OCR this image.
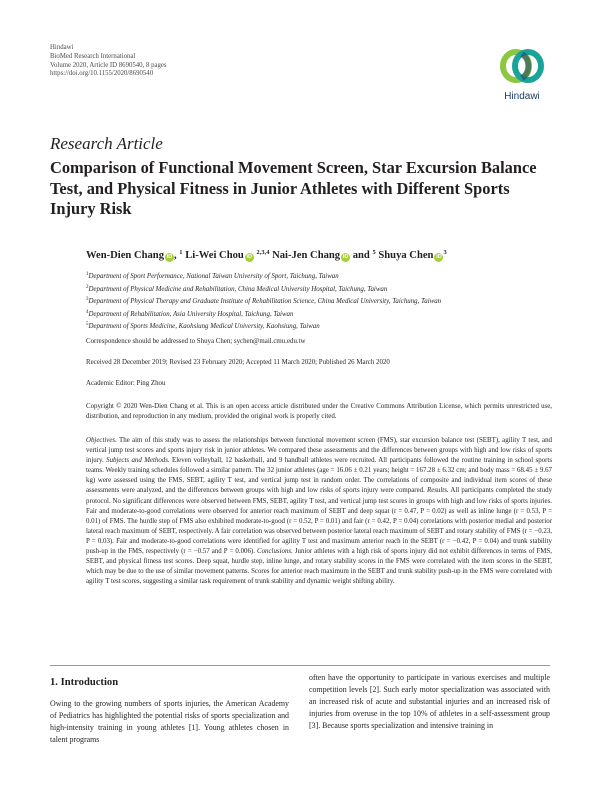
Hindawi
BioMed Research International
Volume 2020, Article ID 8690540, 8 pages
https://doi.org/10.1155/2020/8690540
Hindawi
Research Article
Comparison of Functional Movement Screen, Star Excursion Balance Test, and Physical Fitness in Junior Athletes with Different Sports Injury Risk
Wen-Dien Chang iD , $^1$ Li-Wei Chou iD $^{2,3,4}$ Nai-Jen Chang iD and $^5$ Shuya Chen $iD^3$
$^1$Department of Sport Performance, National Taiwan University of Sport, Taichung, Taiwan
$^2$Department of Physical Medicine and Rehabilitation, China Medical University Hospital, Taichung, Taiwan
$^3$Department of Physical Therapy and Graduate Institute of Rehabilitation Science, China Medical University, Taichung, Taiwan
$^4$Department of Rehabilitation, Asia University Hospital, Taichung, Taiwan
$^5$Department of Sports Medicine, Kaohsiung Medical University, Kaohsiung, Taiwan
Correspondence should be addressed to Shuya Chen; sychen@mail.cmu.edu.tw
Received 28 December 2019; Revised 23 February 2020; Accepted 11 March 2020; Published 26 March 2020
Academic Editor: Ping Zhou

Copyright © 2020 Wen-Dien Chang et al. This is an open access article distributed under the Creative Commons Attribution License, which permits unrestricted use, distribution, and reproduction in any medium, provided the original work is properly cited.

Objectives. The aim of this study was to assess the relationships between functional movement screen (FMS), star excursion balance test (SEBT), agility T test, and vertical jump test scores and sports injury risk in junior athletes. We compared these assessments and the differences between groups with high and low risks of sports injury. Subjects and Methods. Eleven volleyball, 12 basketball, and 9 handball athletes were recruited. All participants followed the routine training in school sports teams. Weekly training schedules followed a similar pattern. The 32 junior athletes (age = 16.06 ± 0.21 years; height = 167.28 ± 6.32 cm; and body mass = 68.45 ± 9.67 kg) were assessed using the FMS, SEBT, agility T test, and vertical jump test in random order. The correlations of composite and individual item scores of these assessments were analyzed, and the differences between groups with high and low risks of sports injury were compared. Results. All participants completed the study protocol. No significant differences were observed between FMS, SEBT, agility T test, and vertical jump test scores in groups with high and low risks of sports injuries. Fair and moderate-to-good correlations were observed for anterior reach maximum of SEBT and deep squat (r = 0.47, P = 0.02) as well as inline lunge (r = 0.53, P = 0.01) of FMS. The hurdle step of FMS also exhibited moderate-to-good (r = 0.52, P = 0.01) and fair (r = 0.42, P = 0.04) correlations with posterior medial and posterior lateral reach maximum of SEBT, respectively. A fair correlation was observed between posterior lateral reach maximum of SEBT and rotary stability of FMS (r = −0.23, P = 0.03). Fair and moderate-to-good correlations were identified for agility T test and maximum anterior reach in the SEBT (r = −0.42, P = 0.04) and trunk stability push-up in the FMS, respectively (r = −0.57 and P = 0.006). Conclusions. Junior athletes with a high risk of sports injury did not exhibit differences in terms of FMS, SEBT, and physical fitness test scores. Deep squat, hurdle step, inline lunge, and rotary stability scores in the FMS were correlated with the item scores in the SEBT, which may be due to the use of similar movement patterns. Scores for anterior reach maximum in the SEBT and trunk stability push-up in the FMS were correlated with agility T test scores, suggesting a similar task requirement of trunk stability and dynamic weight shifting ability.

1. Introduction

Owing to the growing numbers of sports injuries, the American Academy of Pediatrics has highlighted the potential risks of sports specialization and high-intensity training in young athletes [1]. Young athletes chosen in talent programs

often have the opportunity to participate in various exercises and multiple competition levels [2]. Such early motor specialization was associated with an increased risk of acute and substantial injuries and an increased risk of injuries from overuse in the top 10% of athletes in a self-assessment group [3]. Because sports specialization and intensive training in
